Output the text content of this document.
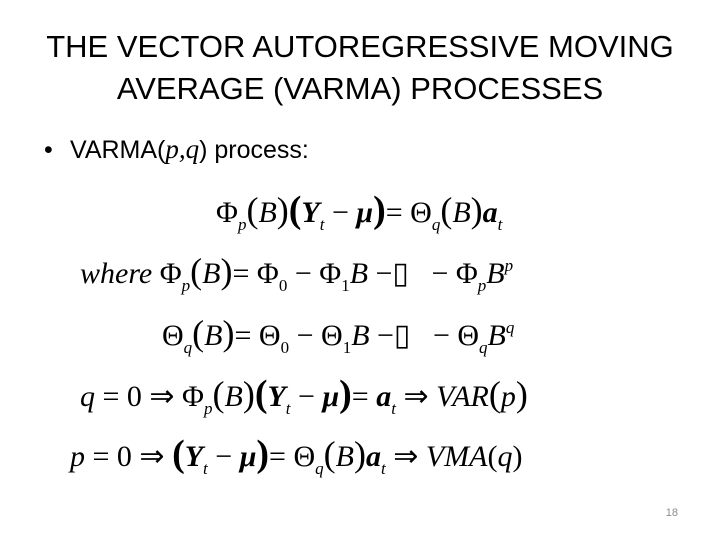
THE VECTOR AUTOREGRESSIVE MOVING
AVERAGE (VARMA) PROCESSES
• VARMA(p,q) process:
$\Phi_p(B)(Y_t - \mu)= \Theta_q(B)a_t$
where $\Phi_p(B)= \Phi_0 - \Phi_1B$ −▯   − $\Phi_pB^p$
$\Theta_q(B)= \Theta_0 - \Theta_1B$ −▯   − $\Theta_qB^q$
q = 0 ⇒ $\Phi_p(B)(Y_t - \mu)= a_t$ ⇒ VAR(p)
p = 0 ⇒ $(Y_t - \mu)= \Theta_q(B)a_t$ ⇒ VMA(q)
18
